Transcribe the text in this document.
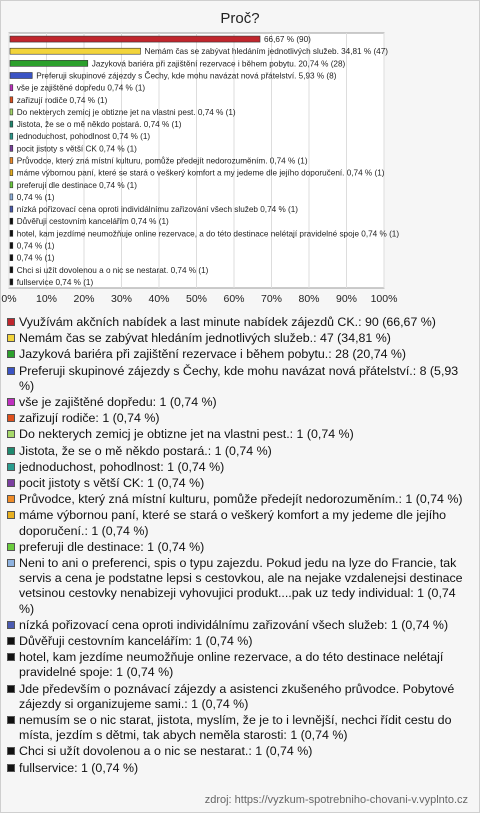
Proč?
0% 10% 20% 30% 40% 50% 60% 70% 80% 90% 100%
66,67 % (90)
Nemám čas se zabývat hledáním jednotlivých služeb. 34,81 % (47)
Jazyková bariéra při zajištění rezervace i během pobytu. 20,74 % (28)
Preferuji skupinové zájezdy s Čechy, kde mohu navázat nová přátelství. 5,93 % (8)
vše je zajištěné dopředu 0,74 % (1)
zařizují rodiče 0,74 % (1)
Do nekterych zemicj je obtizne jet na vlastni pest. 0,74 % (1)
Jistota, že se o mě někdo postará. 0,74 % (1)
jednoduchost, pohodlnost 0,74 % (1)
pocit jistoty s větší CK 0,74 % (1)
Průvodce, který zná místní kulturu, pomůže předejít nedorozuměním. 0,74 % (1)
máme výbornou paní, které se stará o veškerý komfort a my jedeme dle jejího doporučení. 0,74 % (1)
preferuji dle destinace 0,74 % (1)
0,74 % (1)
nízká pořizovací cena oproti individálnímu zařizování všech služeb 0,74 % (1)
Důvěřuji cestovním kancelářím 0,74 % (1)
hotel, kam jezdíme neumožňuje online rezervace, a do této destinace nelétají pravidelné spoje 0,74 % (1)
0,74 % (1)
0,74 % (1)
Chci si užít dovolenou a o nic se nestarat. 0,74 % (1)
fullservice 0,74 % (1)
Využívám akčních nabídek a last minute nabídek zájezdů CK.: 90 (66,67 %)
Nemám čas se zabývat hledáním jednotlivých služeb.: 47 (34,81 %)
Jazyková bariéra při zajištění rezervace i během pobytu.: 28 (20,74 %)
Preferuji skupinové zájezdy s Čechy, kde mohu navázat nová přátelství.: 8 (5,93 %)
vše je zajištěné dopředu: 1 (0,74 %)
zařizují rodiče: 1 (0,74 %)
Do nekterych zemicj je obtizne jet na vlastni pest.: 1 (0,74 %)
Jistota, že se o mě někdo postará.: 1 (0,74 %)
jednoduchost, pohodlnost: 1 (0,74 %)
pocit jistoty s větší CK: 1 (0,74 %)
Průvodce, který zná místní kulturu, pomůže předejít nedorozuměním.: 1 (0,74 %)
máme výbornou paní, které se stará o veškerý komfort a my jedeme dle jejího doporučení.: 1 (0,74 %)
preferuji dle destinace: 1 (0,74 %)
Neni to ani o preferenci, spis o typu zajezdu. Pokud jedu na lyze do Francie, tak servis a cena je podstatne lepsi s cestovkou, ale na nejake vzdalenejsi destinace vetsinou cestovky nenabizeji vyhovujici produkt....pak uz tedy individual: 1 (0,74 %)
nízká pořizovací cena oproti individálnímu zařizování všech služeb: 1 (0,74 %)
Důvěřuji cestovním kancelářím: 1 (0,74 %)
hotel, kam jezdíme neumožňuje online rezervace, a do této destinace nelétají pravidelné spoje: 1 (0,74 %)
Jde především o poznávací zájezdy a asistenci zkušeného průvodce. Pobytové zájezdy si organizujeme sami.: 1 (0,74 %)
nemusím se o nic starat, jistota, myslím, že je to i levnější, nechci řídit cestu do místa, jezdím s dětmi, tak abych neměla starosti: 1 (0,74 %)
Chci si užít dovolenou a o nic se nestarat.: 1 (0,74 %)
fullservice: 1 (0,74 %)
zdroj: https://vyzkum-spotrebniho-chovani-v.vyplnto.cz
